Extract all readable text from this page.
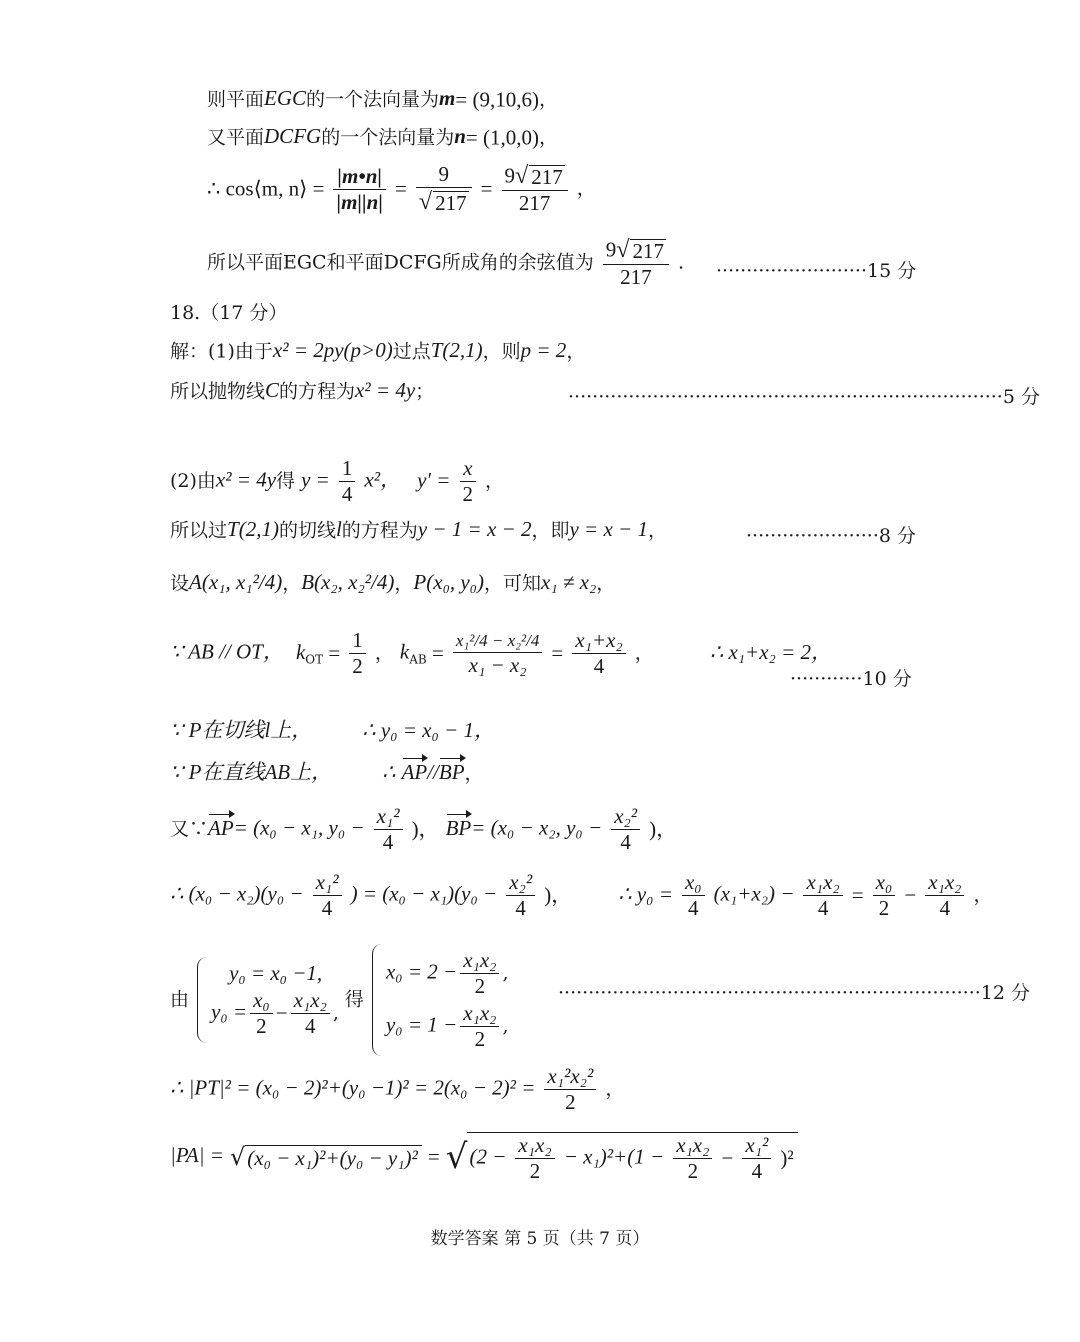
则平面EGC的一个法向量为m= (9,10,6)，
又平面DCFG的一个法向量为n= (1,0,0)，
∴ cos⟨m, n⟩ = $\frac{|m•n|}{|m||n|} = \frac{9}{√ 217} = \frac{9√ 217}{217}$ ，
所以平面EGC和平面DCFG所成角的余弦值为 $\frac{9√ 217}{217}$ . ·························15 分
18.（17 分）
解：(1)由于x² = 2py(p>0)过点T(2,1)，则p = 2，
所以抛物线C的方程为x² = 4y；	········································································5 分
(2)由x² = 4y得 $y = \frac{1}{4} x^2$， $y' = \frac{x}{2}$ ，
所以过T(2,1)的切线l的方程为y − 1 = x − 2，即y = x − 1，	······················8 分
设A(x₁, x₁²/4)，B(x₂, x₂²/4)，P(x₀, y₀)，可知x₁ ≠ x₂，
∵ AB // OT， $k_{OT} = \frac{1}{2}$ ， $k_{AB} = \frac{\text{x₁²/4 − x₂²/4}}{\text{x₁ − x₂}} = \frac{\text{x₁+x₂}}{4}$ ，	∴ x₁+x₂ = 2，
············10 分
∵ P在切线l上， ∴ y₀ = x₀ − 1，
∵ P在直线AB上， ∴ AP//BP，
又∵AP= (x₀ − x₁, $y_0 - \frac{\text{x₁²}}{4}$ )， BP= (x₀ − x₂, $y_0 - \frac{\text{x₂²}}{4}$ )，
∴ $(x_0 - x_2)(y_0 - \frac{\text{x₁²}}{4}$ ) = $(x_0 - x_1)(y_0 - \frac{\text{x₂²}}{4}$ )， ∴ $y_0 = \frac{\text{x₀}}{4} (x_1+x_2) - \frac{\text{x₁x₂}}{4} = \frac{\text{x₀}}{2} - \frac{\text{x₁x₂}}{4}$ ，
由
y₀ = x₀ −1,
$y_0 = \frac{\text{x₀}}{2} - \frac{\text{x₁x₂}}{4}$ ,
得
$x_0 = 2 - \frac{\text{x₁x₂}}{2}$ ,
$y_0 = 1 - \frac{\text{x₁x₂}}{2}$ ,
······································································12 分
∴ $|PT|^2 = (x_0 - 2)^2+(y_0 -1)^2 = 2(x_0 - 2)^2 = \frac{\text{x₁²x₂²}}{2}$ ，
$|PA| = √(x_0 - x_1)^2+(y_0 - y_1)^2 = √(2 - \frac{\text{x₁x₂}}{2} - x_1)^2+(1 - \frac{\text{x₁x₂}}{2} - \frac{\text{x₁²}}{4} )^2$
数学答案 第 5 页（共 7 页）
